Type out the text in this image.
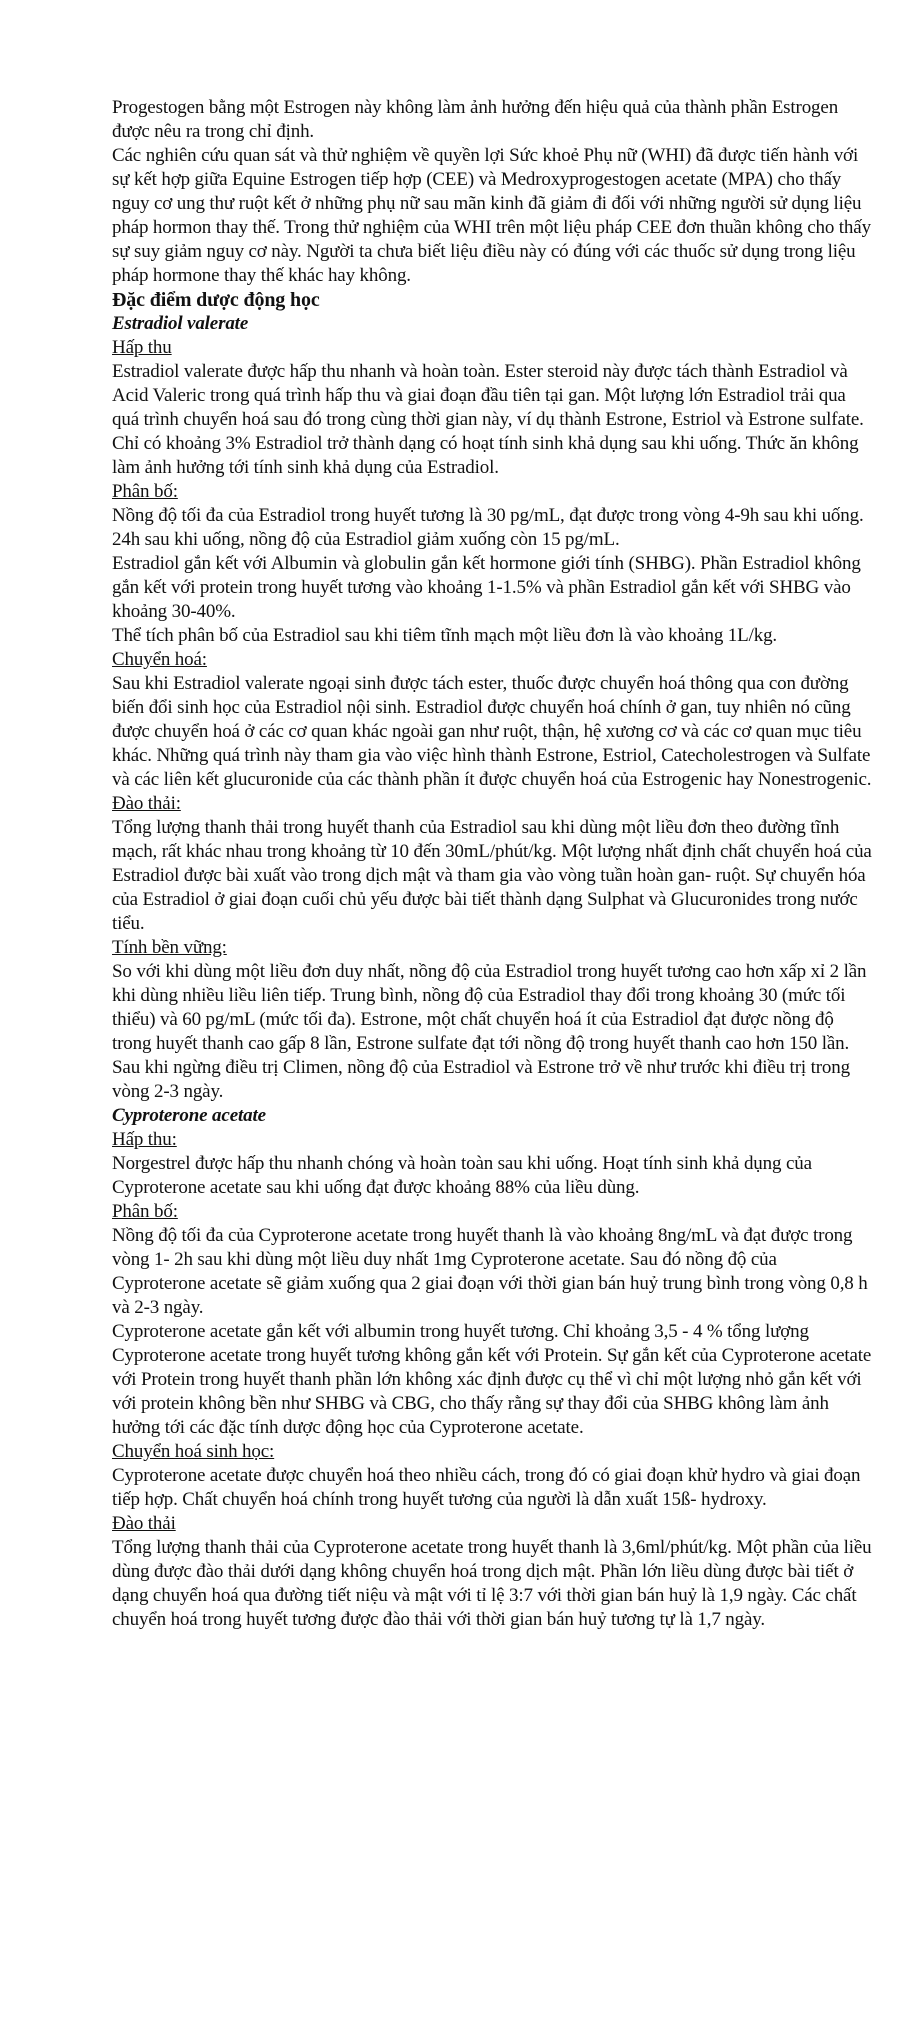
Progestogen bằng một Estrogen này không làm ảnh hưởng đến hiệu quả của thành phần Estrogen được nêu ra trong chỉ định.

Các nghiên cứu quan sát và thử nghiệm về quyền lợi Sức khoẻ Phụ nữ (WHI) đã được tiến hành với sự kết hợp giữa Equine Estrogen tiếp hợp (CEE) và Medroxyprogestogen acetate (MPA) cho thấy nguy cơ ung thư ruột kết ở những phụ nữ sau mãn kinh đã giảm đi đối với những người sử dụng liệu pháp hormon thay thế. Trong thử nghiệm của WHI trên một liệu pháp CEE đơn thuần không cho thấy sự suy giảm nguy cơ này. Người ta chưa biết liệu điều này có đúng với các thuốc sử dụng trong liệu pháp hormone thay thế khác hay không.

Đặc điểm dược động học

Estradiol valerate

Hấp thu

Estradiol valerate được hấp thu nhanh và hoàn toàn. Ester steroid này được tách thành Estradiol và Acid Valeric trong quá trình hấp thu và giai đoạn đầu tiên tại gan. Một lượng lớn Estradiol trải qua quá trình chuyển hoá sau đó trong cùng thời gian này, ví dụ thành Estrone, Estriol và Estrone sulfate. Chỉ có khoảng 3% Estradiol trở thành dạng có hoạt tính sinh khả dụng sau khi uống. Thức ăn không làm ảnh hưởng tới tính sinh khả dụng của Estradiol.

Phân bố:

Nồng độ tối đa của Estradiol trong huyết tương là 30 pg/mL, đạt được trong vòng 4-9h sau khi uống. 24h sau khi uống, nồng độ của Estradiol giảm xuống còn 15 pg/mL.

Estradiol gắn kết với Albumin và globulin gắn kết hormone giới tính (SHBG). Phần Estradiol không gắn kết với protein trong huyết tương vào khoảng 1-1.5% và phần Estradiol gắn kết với SHBG vào khoảng 30-40%.

Thể tích phân bố của Estradiol sau khi tiêm tĩnh mạch một liều đơn là vào khoảng 1L/kg.

Chuyển hoá:

Sau khi Estradiol valerate ngoại sinh được tách ester, thuốc được chuyển hoá thông qua con đường biến đổi sinh học của Estradiol nội sinh. Estradiol được chuyển hoá chính ở gan, tuy nhiên nó cũng được chuyển hoá ở các cơ quan khác ngoài gan như ruột, thận, hệ xương cơ và các cơ quan mục tiêu khác. Những quá trình này tham gia vào việc hình thành Estrone, Estriol, Catecholestrogen và Sulfate và các liên kết glucuronide của các thành phần ít được chuyển hoá của Estrogenic hay Nonestrogenic.

Đào thải:

Tổng lượng thanh thải trong huyết thanh của Estradiol sau khi dùng một liều đơn theo đường tĩnh mạch, rất khác nhau trong khoảng từ 10 đến 30mL/phút/kg. Một lượng nhất định chất chuyển hoá của Estradiol được bài xuất vào trong dịch mật và tham gia vào vòng tuần hoàn gan- ruột. Sự chuyển hóa của Estradiol ở giai đoạn cuối chủ yếu được bài tiết thành dạng Sulphat và Glucuronides trong nước tiểu.

Tính bền vững:

So với khi dùng một liều đơn duy nhất, nồng độ của Estradiol trong huyết tương cao hơn xấp xỉ 2 lần khi dùng nhiều liều liên tiếp. Trung bình, nồng độ của Estradiol thay đổi trong khoảng 30 (mức tối thiểu) và 60 pg/mL (mức tối đa). Estrone, một chất chuyển hoá ít của Estradiol đạt được nồng độ trong huyết thanh cao gấp 8 lần, Estrone sulfate đạt tới nồng độ trong huyết thanh cao hơn 150 lần. Sau khi ngừng điều trị Climen, nồng độ của Estradiol và Estrone trở về như trước khi điều trị trong vòng 2-3 ngày.

Cyproterone acetate

Hấp thu:

Norgestrel được hấp thu nhanh chóng và hoàn toàn sau khi uống. Hoạt tính sinh khả dụng của Cyproterone acetate sau khi uống đạt được khoảng 88% của liều dùng.

Phân bố:

Nồng độ tối đa của Cyproterone acetate trong huyết thanh là vào khoảng 8ng/mL và đạt được trong vòng 1- 2h sau khi dùng một liều duy nhất 1mg Cyproterone acetate. Sau đó nồng độ của Cyproterone acetate sẽ giảm xuống qua 2 giai đoạn với thời gian bán huỷ trung bình trong vòng 0,8 h và 2-3 ngày.

Cyproterone acetate gắn kết với albumin trong huyết tương. Chỉ khoảng 3,5 - 4 % tổng lượng Cyproterone acetate trong huyết tương không gắn kết với Protein. Sự gắn kết của Cyproterone acetate với Protein trong huyết thanh phần lớn không xác định được cụ thể vì chỉ một lượng nhỏ gắn kết với với protein không bền như SHBG và CBG, cho thấy rằng sự thay đổi của SHBG không làm ảnh hưởng tới các đặc tính dược động học của Cyproterone acetate.

Chuyển hoá sinh học:

Cyproterone acetate được chuyển hoá theo nhiều cách, trong đó có giai đoạn khử hydro và giai đoạn tiếp hợp. Chất chuyển hoá chính trong huyết tương của người là dẫn xuất 15ß- hydroxy.

Đào thải

Tổng lượng thanh thải của Cyproterone acetate trong huyết thanh là 3,6ml/phút/kg. Một phần của liều dùng được đào thải dưới dạng không chuyển hoá trong dịch mật. Phần lớn liều dùng được bài tiết ở dạng chuyển hoá qua đường tiết niệu và mật với tỉ lệ 3:7 với thời gian bán huỷ là 1,9 ngày. Các chất chuyển hoá trong huyết tương được đào thải với thời gian bán huỷ tương tự là 1,7 ngày.
